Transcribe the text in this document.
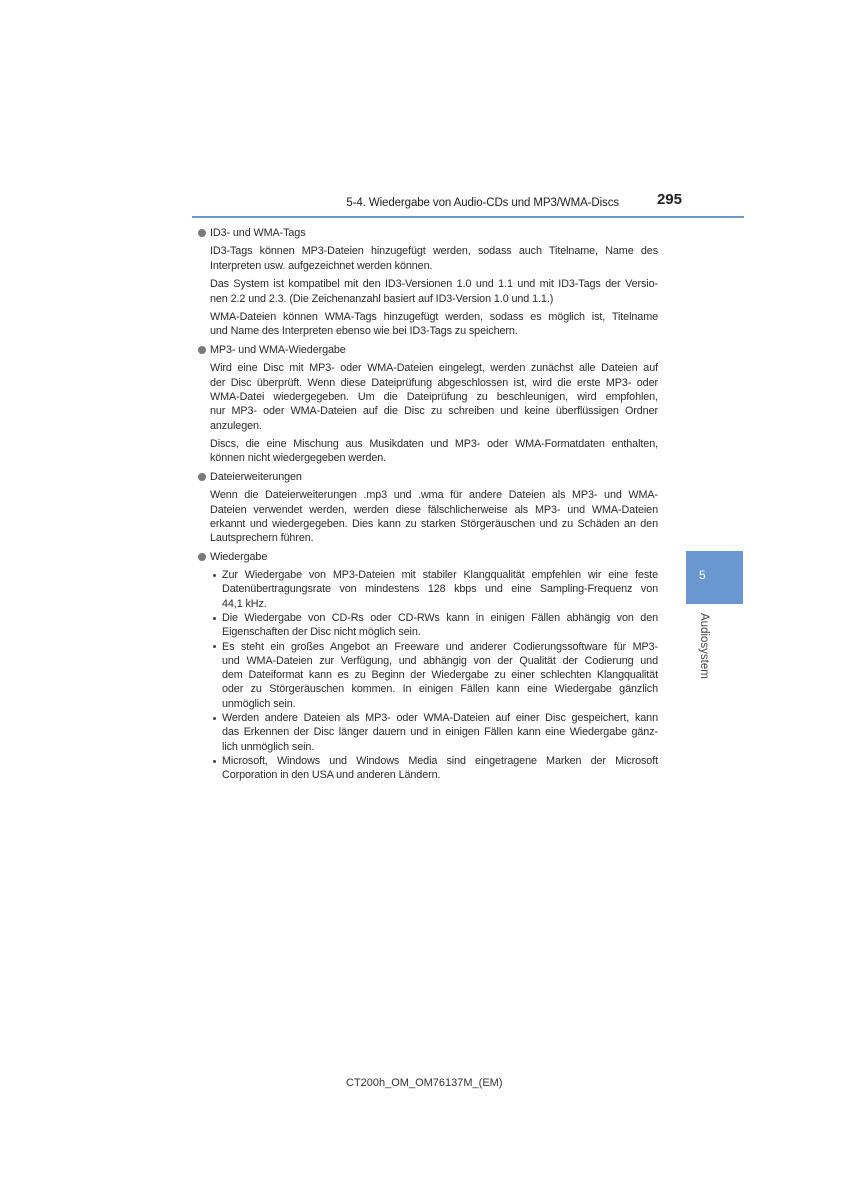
5-4. Wiedergabe von Audio-CDs und MP3/WMA-Discs	295
5
Audiosystem
ID3- und WMA-Tags
ID3-Tags können MP3-Dateien hinzugefügt werden, sodass auch Titelname, Name des
Interpreten usw. aufgezeichnet werden können.
Das System ist kompatibel mit den ID3-Versionen 1.0 und 1.1 und mit ID3-Tags der Versio-
nen 2.2 und 2.3. (Die Zeichenanzahl basiert auf ID3-Version 1.0 und 1.1.)
WMA-Dateien können WMA-Tags hinzugefügt werden, sodass es möglich ist, Titelname
und Name des Interpreten ebenso wie bei ID3-Tags zu speichern.
MP3- und WMA-Wiedergabe
Wird eine Disc mit MP3- oder WMA-Dateien eingelegt, werden zunächst alle Dateien auf
der Disc überprüft. Wenn diese Dateiprüfung abgeschlossen ist, wird die erste MP3- oder
WMA-Datei wiedergegeben. Um die Dateiprüfung zu beschleunigen, wird empfohlen,
nur MP3- oder WMA-Dateien auf die Disc zu schreiben und keine überflüssigen Ordner
anzulegen.
Discs, die eine Mischung aus Musikdaten und MP3- oder WMA-Formatdaten enthalten,
können nicht wiedergegeben werden.
Dateierweiterungen
Wenn die Dateierweiterungen .mp3 und .wma für andere Dateien als MP3- und WMA-
Dateien verwendet werden, werden diese fälschlicherweise als MP3- und WMA-Dateien
erkannt und wiedergegeben. Dies kann zu starken Störgeräuschen und zu Schäden an den
Lautsprechern führen.
Wiedergabe
Zur Wiedergabe von MP3-Dateien mit stabiler Klangqualität empfehlen wir eine feste
Datenübertragungsrate von mindestens 128 kbps und eine Sampling-Frequenz von
44,1 kHz.
Die Wiedergabe von CD-Rs oder CD-RWs kann in einigen Fällen abhängig von den
Eigenschaften der Disc nicht möglich sein.
Es steht ein großes Angebot an Freeware und anderer Codierungssoftware für MP3-
und WMA-Dateien zur Verfügung, und abhängig von der Qualität der Codierung und
dem Dateiformat kann es zu Beginn der Wiedergabe zu einer schlechten Klangqualität
oder zu Störgeräuschen kommen. In einigen Fällen kann eine Wiedergabe gänzlich
unmöglich sein.
Werden andere Dateien als MP3- oder WMA-Dateien auf einer Disc gespeichert, kann
das Erkennen der Disc länger dauern und in einigen Fällen kann eine Wiedergabe gänz-
lich unmöglich sein.
Microsoft, Windows und Windows Media sind eingetragene Marken der Microsoft
Corporation in den USA und anderen Ländern.
CT200h_OM_OM76137M_(EM)
